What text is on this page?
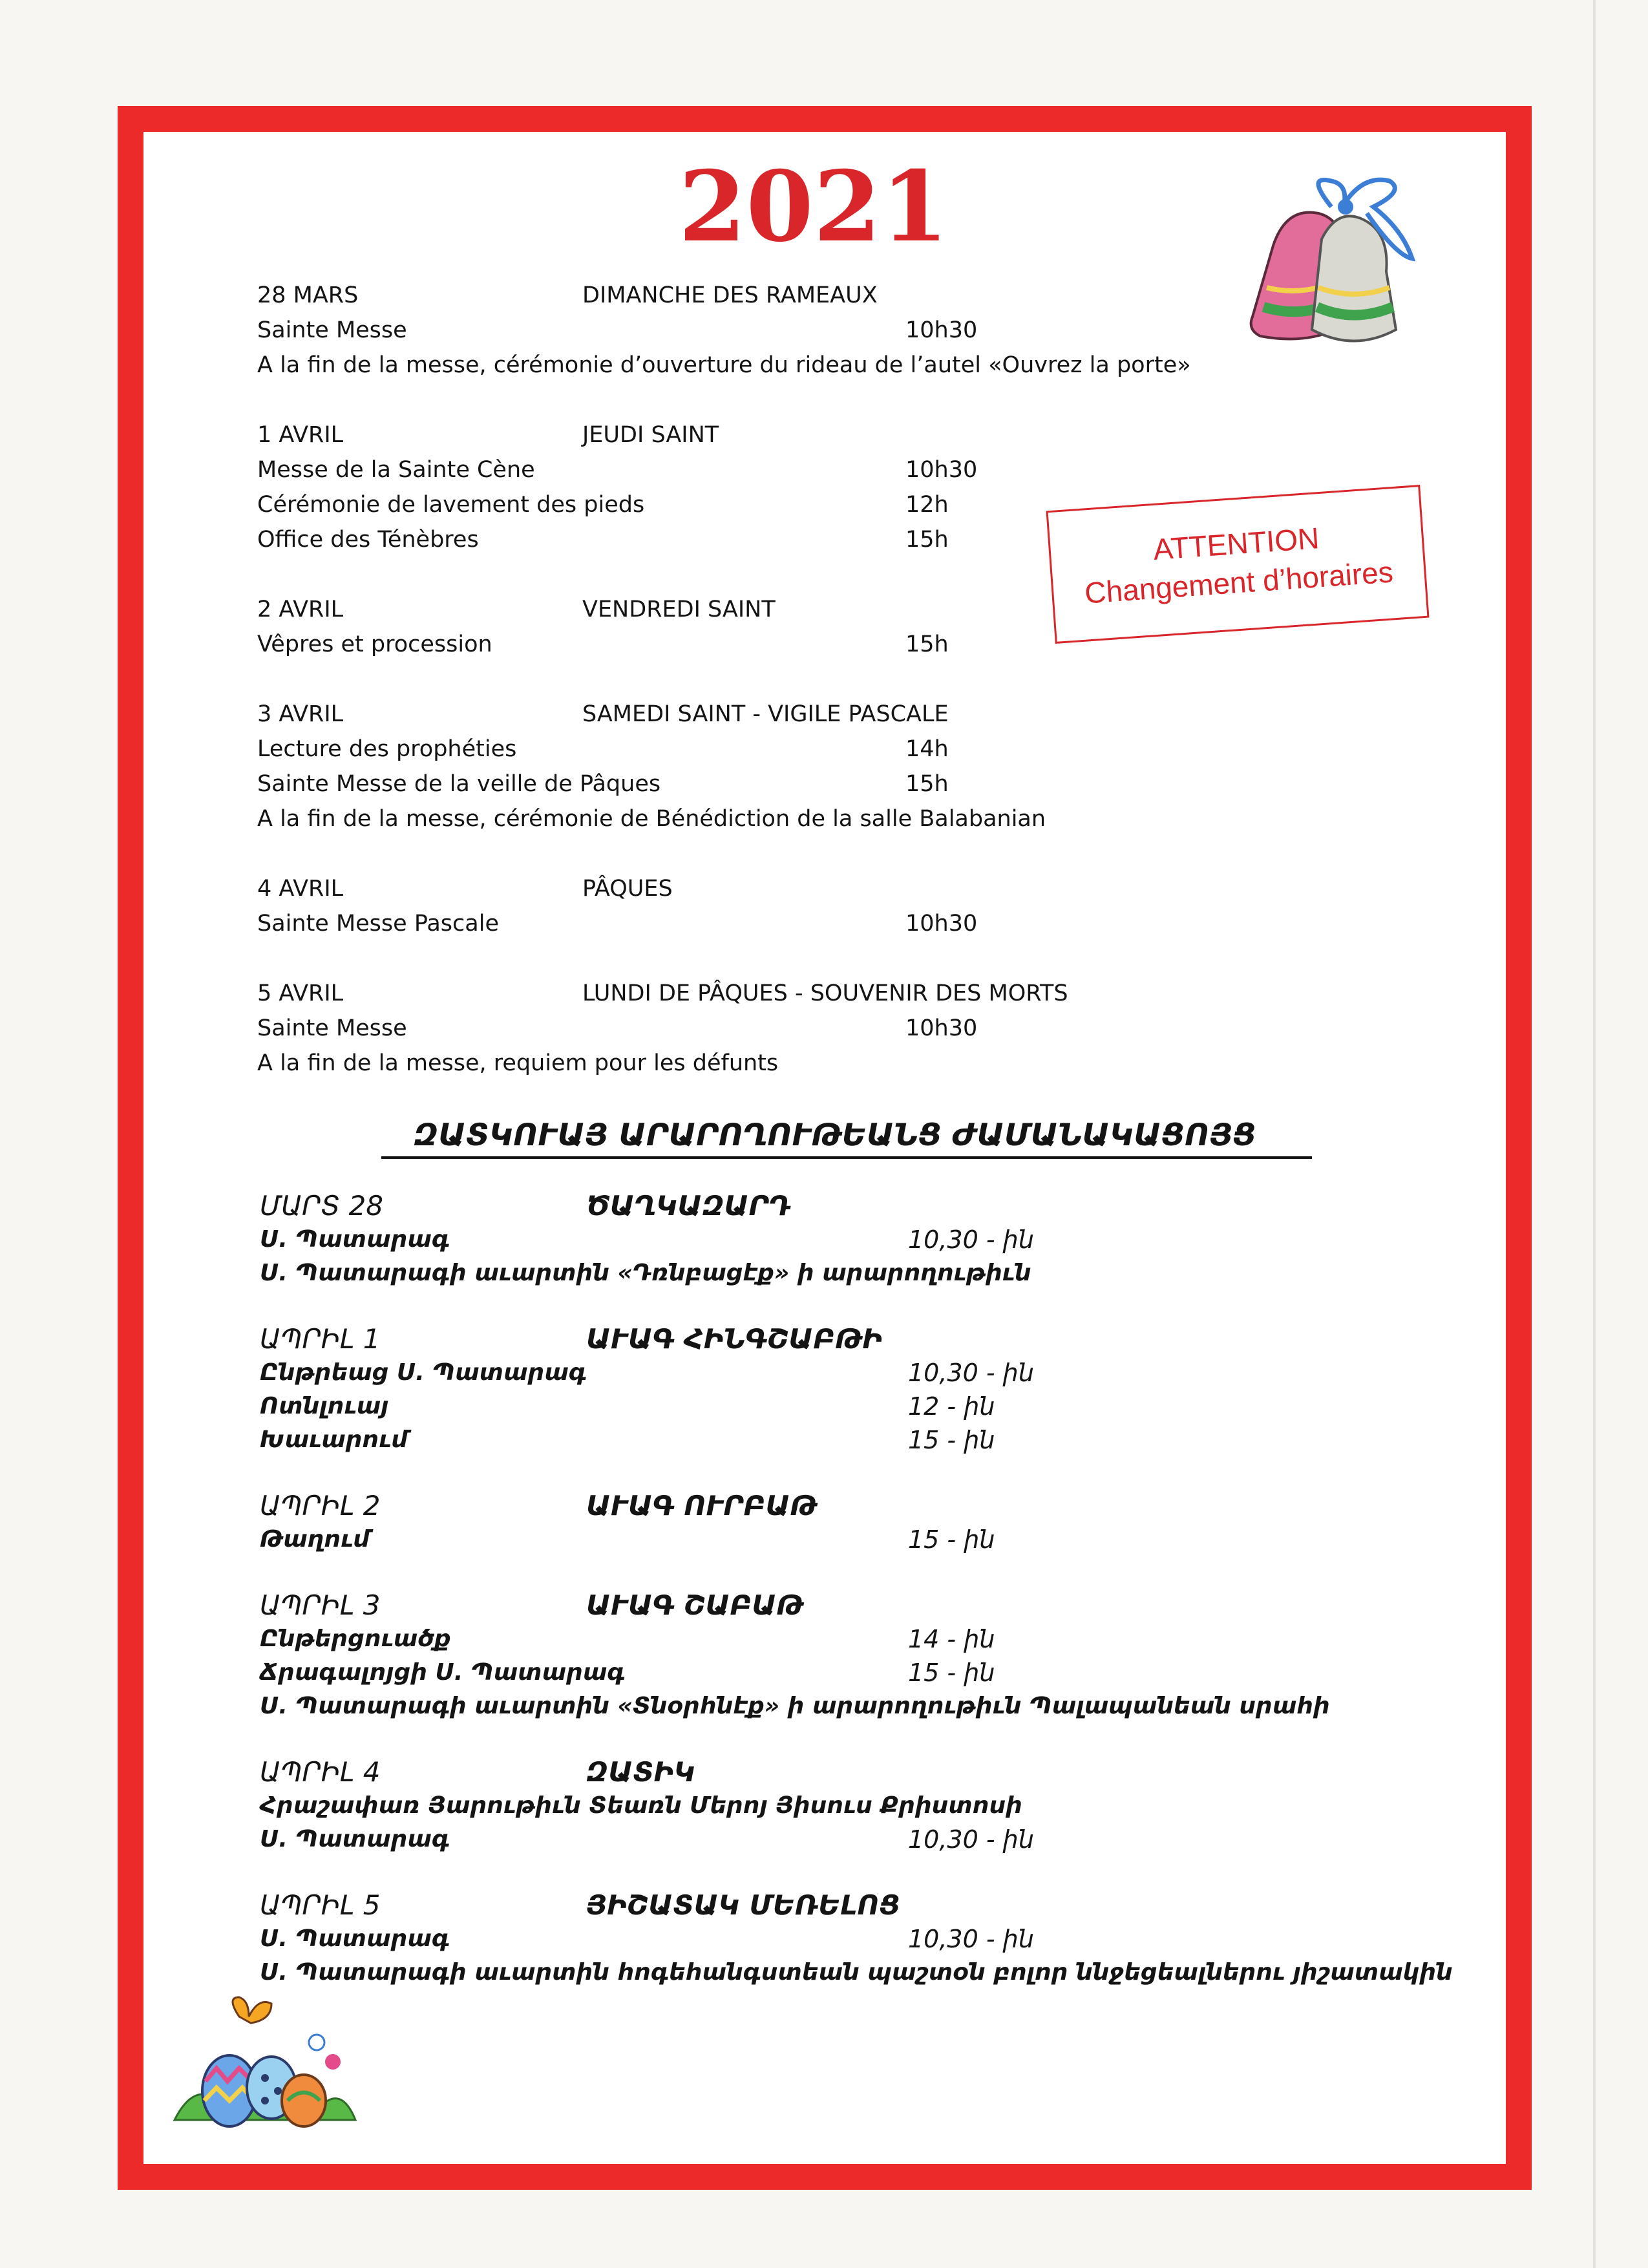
2021
ATTENTION
Changement d’horaires
28 MARS	DIMANCHE DES RAMEAUX
Sainte Messe	10h30
A la fin de la messe, cérémonie d’ouverture du rideau de l’autel «Ouvrez la porte»
1 AVRIL	JEUDI SAINT
Messe de la Sainte Cène	10h30
Cérémonie de lavement des pieds	12h
Office des Ténèbres	15h
2 AVRIL	VENDREDI SAINT
Vêpres et procession	15h
3 AVRIL	SAMEDI SAINT - VIGILE PASCALE
Lecture des prophéties	14h
Sainte Messe de la veille de Pâques	15h
A la fin de la messe, cérémonie de Bénédiction de la salle Balabanian
4 AVRIL	PÂQUES
Sainte Messe Pascale	10h30
5 AVRIL	LUNDI DE PÂQUES - SOUVENIR DES MORTS
Sainte Messe	10h30
A la fin de la messe, requiem pour les défunts
ԶԱՏԿՈՒԱՅ ԱՐԱՐՈՂՈՒԹԵԱՆՑ ԺԱՄԱՆԱԿԱՑՈՅՑ
ՄԱՐՏ 28	ԾԱՂԿԱԶԱՐԴ
Ս. Պատարագ	10,30 - ին
Ս. Պատարագի աւարտին «Դռնբացէք» ի արարողութիւն
ԱՊՐԻԼ 1	ԱՒԱԳ ՀԻՆԳՇԱԲԹԻ
Ընթրեաց Ս. Պատարագ	10,30 - ին
Ոտնլուայ	12 - ին
Խաւարում	15 - ին
ԱՊՐԻԼ 2	ԱՒԱԳ ՈՒՐԲԱԹ
Թաղում	15 - ին
ԱՊՐԻԼ 3	ԱՒԱԳ ՇԱԲԱԹ
Ընթերցուածք	14 - ին
Ճրագալոյցի Ս. Պատարագ	15 - ին
Ս. Պատարագի աւարտին «Տնօրհնէք» ի արարողութիւն Պալապանեան սրահի
ԱՊՐԻԼ 4	ԶԱՏԻԿ
Հրաշափառ Յարութիւն Տեառն Մերոյ Յիսուս Քրիստոսի
Ս. Պատարագ	10,30 - ին
ԱՊՐԻԼ 5	ՅԻՇԱՏԱԿ ՄԵՌԵԼՈՑ
Ս. Պատարագ	10,30 - ին
Ս. Պատարագի աւարտին հոգեհանգստեան պաշտօն բոլոր ննջեցեալներու յիշատակին
